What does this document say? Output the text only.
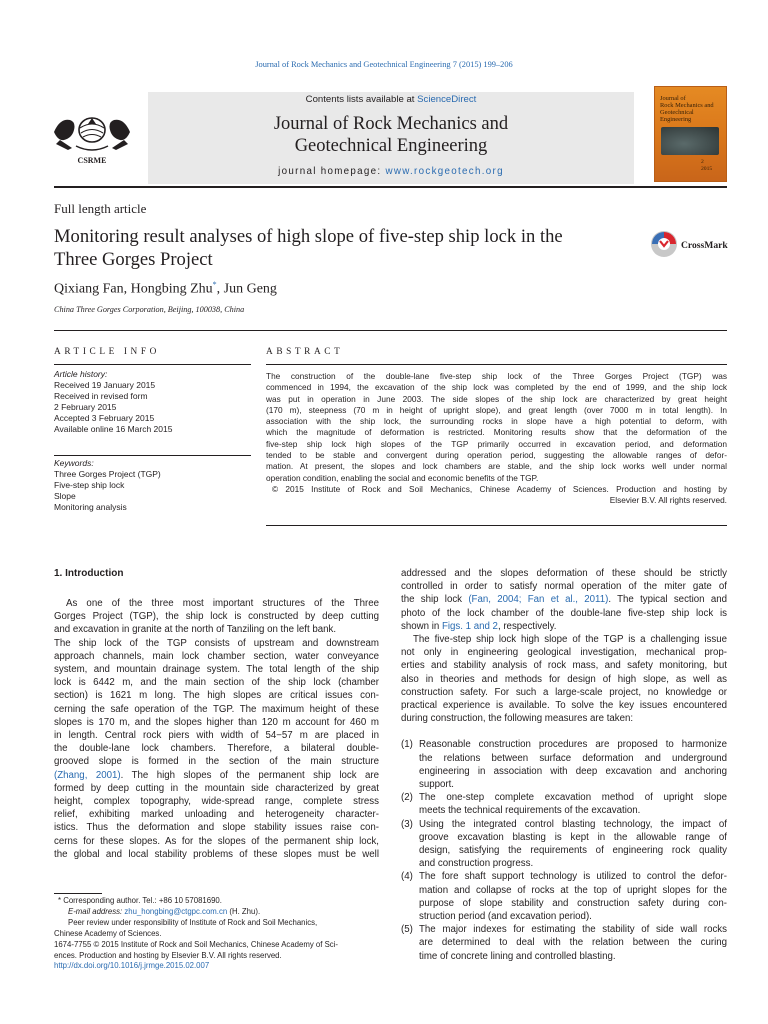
Journal of Rock Mechanics and Geotechnical Engineering 7 (2015) 199–206
Contents lists available at ScienceDirect
Journal of Rock Mechanics and
Geotechnical Engineering
journal homepage: www.rockgeotech.org
CSRME
Journal of
Rock Mechanics and
Geotechnical
Engineering
2
2015
Full length article
Monitoring result analyses of high slope of five-step ship lock in the
Three Gorges Project
CrossMark
Qixiang Fan, Hongbing Zhu*, Jun Geng
China Three Gorges Corporation, Beijing, 100038, China
ARTICLE INFO
Article history:
Received 19 January 2015
Received in revised form
2 February 2015
Accepted 3 February 2015
Available online 16 March 2015
Keywords:
Three Gorges Project (TGP)
Five-step ship lock
Slope
Monitoring analysis
ABSTRACT
The construction of the double-lane five-step ship lock of the Three Gorges Project (TGP) was
commenced in 1994, the excavation of the ship lock was completed by the end of 1999, and the ship lock
was put in operation in June 2003. The side slopes of the ship lock are characterized by great height
(170 m), steepness (70 m in height of upright slope), and great length (over 7000 m in total length). In
association with the ship lock, the surrounding rocks in slope have a high potential to deform, with
which the magnitude of deformation is restricted. Monitoring results show that the deformation of the
five-step ship lock high slopes of the TGP primarily occurred in excavation period, and deformation
tended to be stable and convergent during operation period, suggesting the allowable ranges of defor-
mation. At present, the slopes and lock chambers are stable, and the ship lock works well under normal
operation condition, enabling the social and economic benefits of the TGP.
© 2015 Institute of Rock and Soil Mechanics, Chinese Academy of Sciences. Production and hosting by
Elsevier B.V. All rights reserved.
1. Introduction
As one of the three most important structures of the Three
Gorges Project (TGP), the ship lock is constructed by deep cutting
and excavation in granite at the north of Tanziling on the left bank.
The ship lock of the TGP consists of upstream and downstream
approach channels, main lock chamber section, water conveyance
system, and mountain drainage system. The total length of the ship
lock is 6442 m, and the main section of the ship lock (chamber
section) is 1621 m long. The high slopes are critical issues con-
cerning the safe operation of the TGP. The maximum height of these
slopes is 170 m, and the slopes higher than 120 m account for 460 m
in length. Central rock piers with width of 54−57 m are placed in
the double-lane lock chambers. Therefore, a bilateral double-
grooved slope is formed in the section of the main structure
(Zhang, 2001). The high slopes of the permanent ship lock are
formed by deep cutting in the mountain side characterized by great
height, complex topography, wide-spread range, complete stress
relief, exhibiting marked unloading and heterogeneity character-
istics. Thus the deformation and slope stability issues raise con-
cerns for these slopes. As for the slopes of the permanent ship lock,
the global and local stability problems of these slopes must be well
addressed and the slopes deformation of these should be strictly
controlled in order to satisfy normal operation of the miter gate of
the ship lock (Fan, 2004; Fan et al., 2011). The typical section and
photo of the lock chamber of the double-lane five-step ship lock is
shown in Figs. 1 and 2, respectively.
The five-step ship lock high slope of the TGP is a challenging issue
not only in engineering geological investigation, mechanical prop-
erties and stability analysis of rock mass, and safety monitoring, but
also in theories and methods for design of high slope, as well as
construction safety. For such a large-scale project, no knowledge or
practical experience is available. To solve the key issues encountered
during construction, the following measures are taken:
(1) Reasonable construction procedures are proposed to harmonize
the relations between surface deformation and underground
engineering in association with deep excavation and anchoring
support.
(2) The one-step complete excavation method of upright slope
meets the technical requirements of the excavation.
(3) Using the integrated control blasting technology, the impact of
groove excavation blasting is kept in the allowable range of
design, satisfying the requirements of engineering rock quality
and construction progress.
(4) The fore shaft support technology is utilized to control the defor-
mation and collapse of rocks at the top of upright slopes for the
purpose of slope stability and construction safety during con-
struction period (and excavation period).
(5) The major indexes for estimating the stability of side wall rocks
are determined to deal with the relation between the curing
time of concrete lining and controlled blasting.
* Corresponding author. Tel.: +86 10 57081690.
E-mail address: zhu_hongbing@ctgpc.com.cn (H. Zhu).
Peer review under responsibility of Institute of Rock and Soil Mechanics,
Chinese Academy of Sciences.
1674-7755 © 2015 Institute of Rock and Soil Mechanics, Chinese Academy of Sci-
ences. Production and hosting by Elsevier B.V. All rights reserved.
http://dx.doi.org/10.1016/j.jrmge.2015.02.007
